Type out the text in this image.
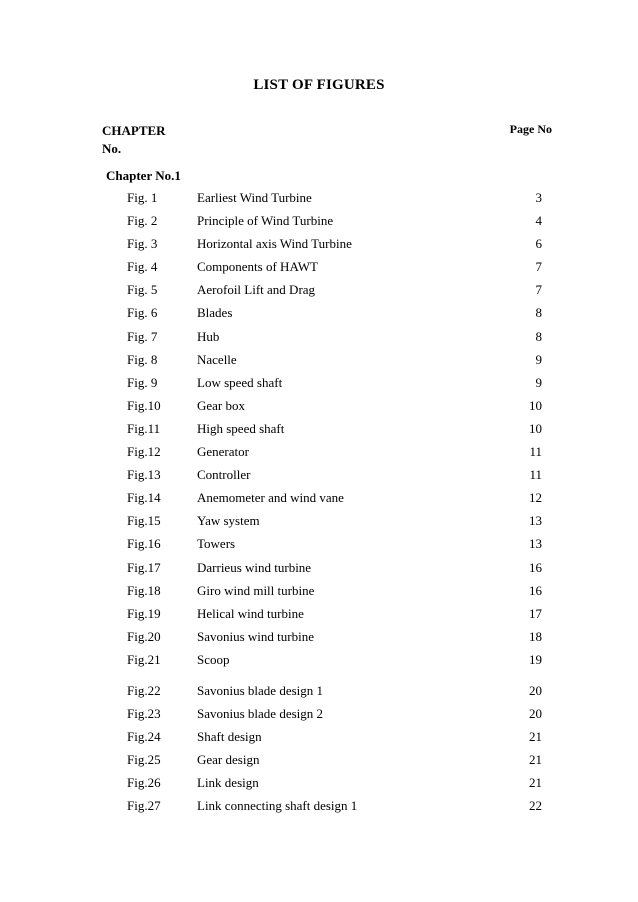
LIST OF FIGURES
CHAPTER
No.
Page No
Chapter No.1
Fig. 1	Earliest Wind Turbine	3
Fig. 2	Principle of Wind Turbine	4
Fig. 3	Horizontal axis Wind Turbine	6
Fig. 4	Components of HAWT	7
Fig. 5	Aerofoil Lift and Drag	7
Fig. 6	Blades	8
Fig. 7	Hub	8
Fig. 8	Nacelle	9
Fig. 9	Low speed shaft	9
Fig.10	Gear box	10
Fig.11	High speed shaft	10
Fig.12	Generator	11
Fig.13	Controller	11
Fig.14	Anemometer and wind vane	12
Fig.15	Yaw system	13
Fig.16	Towers	13
Fig.17	Darrieus wind turbine	16
Fig.18	Giro wind mill turbine	16
Fig.19	Helical wind turbine	17
Fig.20	Savonius wind turbine	18
Fig.21	Scoop	19
Fig.22	Savonius blade design 1	20
Fig.23	Savonius blade design 2	20
Fig.24	Shaft design	21
Fig.25	Gear design	21
Fig.26	Link design	21
Fig.27	Link connecting shaft design 1	22
